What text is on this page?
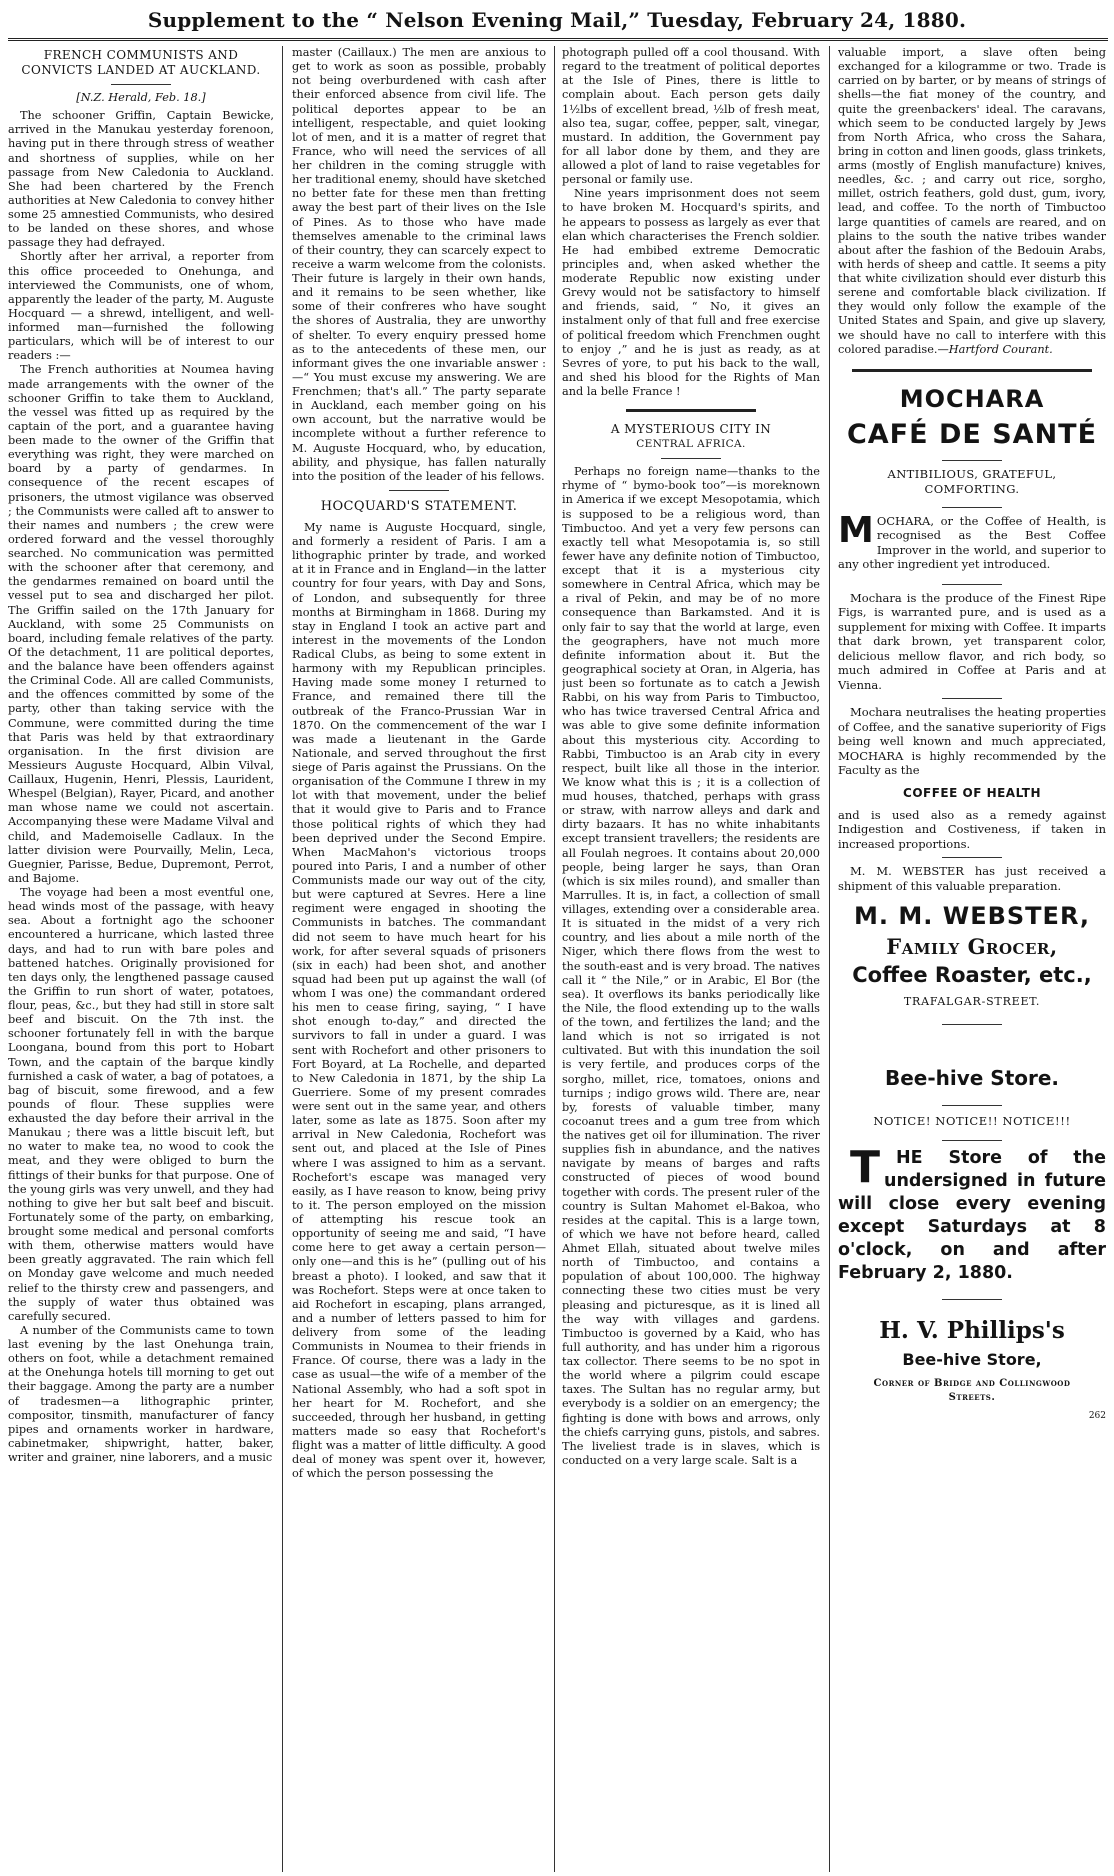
Supplement to the “ Nelson Evening Mail,” Tuesday, February 24, 1880.
FRENCH COMMUNISTS AND
CONVICTS LANDED AT AUCKLAND.
[N.Z. Herald, Feb. 18.]

The schooner Griffin, Captain Bewicke, arrived in the Manukau yesterday forenoon, having put in there through stress of weather and shortness of supplies, while on her passage from New Caledonia to Auckland. She had been chartered by the French authorities at New Caledonia to convey hither some 25 amnestied Communists, who desired to be landed on these shores, and whose passage they had defrayed.

Shortly after her arrival, a reporter from this office proceeded to Onehunga, and interviewed the Communists, one of whom, apparently the leader of the party, M. Auguste Hocquard — a shrewd, intelligent, and well-informed man—furnished the following particulars, which will be of interest to our readers :—

The French authorities at Noumea having made arrangements with the owner of the schooner Griffin to take them to Auckland, the vessel was fitted up as required by the captain of the port, and a guarantee having been made to the owner of the Griffin that everything was right, they were marched on board by a party of gendarmes. In consequence of the recent escapes of prisoners, the utmost vigilance was observed ; the Communists were called aft to answer to their names and numbers ; the crew were ordered forward and the vessel thoroughly searched. No communication was permitted with the schooner after that ceremony, and the gendarmes remained on board until the vessel put to sea and discharged her pilot. The Griffin sailed on the 17th January for Auckland, with some 25 Communists on board, including female relatives of the party. Of the detachment, 11 are political deportes, and the balance have been offenders against the Criminal Code. All are called Communists, and the offences committed by some of the party, other than taking service with the Commune, were committed during the time that Paris was held by that extraordinary organisation. In the first division are Messieurs Auguste Hocquard, Albin Vilval, Caillaux, Hugenin, Henri, Plessis, Laurident, Whespel (Belgian), Rayer, Picard, and another man whose name we could not ascertain. Accompanying these were Madame Vilval and child, and Mademoiselle Cadlaux. In the latter division were Pourvailly, Melin, Leca, Guegnier, Parisse, Bedue, Dupremont, Perrot, and Bajome.

The voyage had been a most eventful one, head winds most of the passage, with heavy sea. About a fortnight ago the schooner encountered a hurricane, which lasted three days, and had to run with bare poles and battened hatches. Originally provisioned for ten days only, the lengthened passage caused the Griffin to run short of water, potatoes, flour, peas, &c., but they had still in store salt beef and biscuit. On the 7th inst. the schooner fortunately fell in with the barque Loongana, bound from this port to Hobart Town, and the captain of the barque kindly furnished a cask of water, a bag of potatoes, a bag of biscuit, some firewood, and a few pounds of flour. These supplies were exhausted the day before their arrival in the Manukau ; there was a little biscuit left, but no water to make tea, no wood to cook the meat, and they were obliged to burn the fittings of their bunks for that purpose. One of the young girls was very unwell, and they had nothing to give her but salt beef and biscuit. Fortunately some of the party, on embarking, brought some medical and personal comforts with them, otherwise matters would have been greatly aggravated. The rain which fell on Monday gave welcome and much needed relief to the thirsty crew and passengers, and the supply of water thus obtained was carefully secured.

A number of the Communists came to town last evening by the last Onehunga train, others on foot, while a detachment remained at the Onehunga hotels till morning to get out their baggage. Among the party are a number of tradesmen—a lithographic printer, compositor, tinsmith, manufacturer of fancy pipes and ornaments worker in hardware, cabinetmaker, shipwright, hatter, baker, writer and grainer, nine laborers, and a music

master (Caillaux.) The men are anxious to get to work as soon as possible, probably not being overburdened with cash after their enforced absence from civil life. The political deportes appear to be an intelligent, respectable, and quiet looking lot of men, and it is a matter of regret that France, who will need the services of all her children in the coming struggle with her traditional enemy, should have sketched no better fate for these men than fretting away the best part of their lives on the Isle of Pines. As to those who have made themselves amenable to the criminal laws of their country, they can scarcely expect to receive a warm welcome from the colonists. Their future is largely in their own hands, and it remains to be seen whether, like some of their confreres who have sought the shores of Australia, they are unworthy of shelter. To every enquiry pressed home as to the antecedents of these men, our informant gives the one invariable answer :—“ You must excuse my answering. We are Frenchmen; that's all.” The party separate in Auckland, each member going on his own account, but the narrative would be incomplete without a further reference to M. Auguste Hocquard, who, by education, ability, and physique, has fallen naturally into the position of the leader of his fellows.

HOCQUARD'S STATEMENT.

My name is Auguste Hocquard, single, and formerly a resident of Paris. I am a lithographic printer by trade, and worked at it in France and in England—in the latter country for four years, with Day and Sons, of London, and subsequently for three months at Birmingham in 1868. During my stay in England I took an active part and interest in the movements of the London Radical Clubs, as being to some extent in harmony with my Republican principles. Having made some money I returned to France, and remained there till the outbreak of the Franco-Prussian War in 1870. On the commencement of the war I was made a lieutenant in the Garde Nationale, and served throughout the first siege of Paris against the Prussians. On the organisation of the Commune I threw in my lot with that movement, under the belief that it would give to Paris and to France those political rights of which they had been deprived under the Second Empire. When MacMahon's victorious troops poured into Paris, I and a number of other Communists made our way out of the city, but were captured at Sevres. Here a line regiment were engaged in shooting the Communists in batches. The commandant did not seem to have much heart for his work, for after several squads of prisoners (six in each) had been shot, and another squad had been put up against the wall (of whom I was one) the commandant ordered his men to cease firing, saying, “ I have shot enough to-day,” and directed the survivors to fall in under a guard. I was sent with Rochefort and other prisoners to Fort Boyard, at La Rochelle, and departed to New Caledonia in 1871, by the ship La Guerriere. Some of my present comrades were sent out in the same year, and others later, some as late as 1875. Soon after my arrival in New Caledonia, Rochefort was sent out, and placed at the Isle of Pines where I was assigned to him as a servant. Rochefort's escape was managed very easily, as I have reason to know, being privy to it. The person employed on the mission of attempting his rescue took an opportunity of seeing me and said, “I have come here to get away a certain person—only one—and this is he” (pulling out of his breast a photo). I looked, and saw that it was Rochefort. Steps were at once taken to aid Rochefort in escaping, plans arranged, and a number of letters passed to him for delivery from some of the leading Communists in Noumea to their friends in France. Of course, there was a lady in the case as usual—the wife of a member of the National Assembly, who had a soft spot in her heart for M. Rochefort, and she succeeded, through her husband, in getting matters made so easy that Rochefort's flight was a matter of little difficulty. A good deal of money was spent over it, however, of which the person possessing the

photograph pulled off a cool thousand. With regard to the treatment of political deportes at the Isle of Pines, there is little to complain about. Each person gets daily 1½lbs of excellent bread, ½lb of fresh meat, also tea, sugar, coffee, pepper, salt, vinegar, mustard. In addition, the Government pay for all labor done by them, and they are allowed a plot of land to raise vegetables for personal or family use.

Nine years imprisonment does not seem to have broken M. Hocquard's spirits, and he appears to possess as largely as ever that elan which characterises the French soldier. He had embibed extreme Democratic principles and, when asked whether the moderate Republic now existing under Grevy would not be satisfactory to himself and friends, said, “ No, it gives an instalment only of that full and free exercise of political freedom which Frenchmen ought to enjoy ,” and he is just as ready, as at Sevres of yore, to put his back to the wall, and shed his blood for the Rights of Man and la belle France !

A MYSTERIOUS CITY IN
CENTRAL AFRICA.

Perhaps no foreign name—thanks to the rhyme of “ bymo-book too”—is moreknown in America if we except Mesopotamia, which is supposed to be a religious word, than Timbuctoo. And yet a very few persons can exactly tell what Mesopotamia is, so still fewer have any definite notion of Timbuctoo, except that it is a mysterious city somewhere in Central Africa, which may be a rival of Pekin, and may be of no more consequence than Barkamsted. And it is only fair to say that the world at large, even the geographers, have not much more definite information about it. But the geographical society at Oran, in Algeria, has just been so fortunate as to catch a Jewish Rabbi, on his way from Paris to Timbuctoo, who has twice traversed Central Africa and was able to give some definite information about this mysterious city. According to Rabbi, Timbuctoo is an Arab city in every respect, built like all those in the interior. We know what this is ; it is a collection of mud houses, thatched, perhaps with grass or straw, with narrow alleys and dark and dirty bazaars. It has no white inhabitants except transient travellers; the residents are all Foulah negroes. It contains about 20,000 people, being larger he says, than Oran (which is six miles round), and smaller than Marrulles. It is, in fact, a collection of small villages, extending over a considerable area. It is situated in the midst of a very rich country, and lies about a mile north of the Niger, which there flows from the west to the south-east and is very broad. The natives call it “ the Nile,” or in Arabic, El Bor (the sea). It overflows its banks periodically like the Nile, the flood extending up to the walls of the town, and fertilizes the land; and the land which is not so irrigated is not cultivated. But with this inundation the soil is very fertile, and produces corps of the sorgho, millet, rice, tomatoes, onions and turnips ; indigo grows wild. There are, near by, forests of valuable timber, many cocoanut trees and a gum tree from which the natives get oil for illumination. The river supplies fish in abundance, and the natives navigate by means of barges and rafts constructed of pieces of wood bound together with cords. The present ruler of the country is Sultan Mahomet el-Bakoa, who resides at the capital. This is a large town, of which we have not before heard, called Ahmet Ellah, situated about twelve miles north of Timbuctoo, and contains a population of about 100,000. The highway connecting these two cities must be very pleasing and picturesque, as it is lined all the way with villages and gardens. Timbuctoo is governed by a Kaid, who has full authority, and has under him a rigorous tax collector. There seems to be no spot in the world where a pilgrim could escape taxes. The Sultan has no regular army, but everybody is a soldier on an emergency; the fighting is done with bows and arrows, only the chiefs carrying guns, pistols, and sabres. The liveliest trade is in slaves, which is conducted on a very large scale. Salt is a

valuable import, a slave often being exchanged for a kilogramme or two. Trade is carried on by barter, or by means of strings of shells—the fiat money of the country, and quite the greenbackers' ideal. The caravans, which seem to be conducted largely by Jews from North Africa, who cross the Sahara, bring in cotton and linen goods, glass trinkets, arms (mostly of English manufacture) knives, needles, &c. ; and carry out rice, sorgho, millet, ostrich feathers, gold dust, gum, ivory, lead, and coffee. To the north of Timbuctoo large quantities of camels are reared, and on plains to the south the native tribes wander about after the fashion of the Bedouin Arabs, with herds of sheep and cattle. It seems a pity that white civilization should ever disturb this serene and comfortable black civilization. If they would only follow the example of the United States and Spain, and give up slavery, we should have no call to interfere with this colored paradise.—Hartford Courant.

MOCHARA
CAFÉ DE SANTÉ
ANTIBILIOUS, GRATEFUL,
COMFORTING.

MOCHARA, or the Coffee of Health, is recognised as the Best Coffee Improver in the world, and superior to any other ingredient yet introduced.

Mochara is the produce of the Finest Ripe Figs, is warranted pure, and is used as a supplement for mixing with Coffee. It imparts that dark brown, yet transparent color, delicious mellow flavor, and rich body, so much admired in Coffee at Paris and at Vienna.

Mochara neutralises the heating properties of Coffee, and the sanative superiority of Figs being well known and much appreciated, MOCHARA is highly recommended by the Faculty as the

COFFEE OF HEALTH

and is used also as a remedy against Indigestion and Costiveness, if taken in increased proportions.

M. M. WEBSTER has just received a shipment of this valuable preparation.

M. M. WEBSTER,
Family Grocer,
Coffee Roaster, etc.,
TRAFALGAR-STREET.
Bee-hive Store.
NOTICE! NOTICE!! NOTICE!!!

THE Store of the undersigned in future will close every evening except Saturdays at 8 o'clock, on and after February 2, 1880.

H. V. Phillips's
Bee-hive Store,
Corner of Bridge and Collingwood
Streets.
262
